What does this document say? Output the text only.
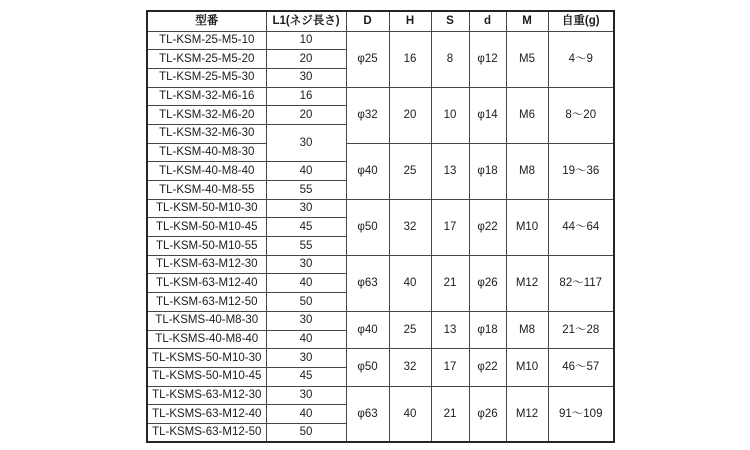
型番	L1(ネジ長さ)	D	H	S	d	M	自重(g)
TL-KSM-25-M5-10	10	φ25	16	8	φ12	M5	4～9
TL-KSM-25-M5-20	20						
TL-KSM-25-M5-30	30						
TL-KSM-32-M6-16	16	φ32	20	10	φ14	M6	8～20
TL-KSM-32-M6-20	20						
TL-KSM-32-M6-30	30						
TL-KSM-40-M8-30		φ40	25	13	φ18	M8	19～36
TL-KSM-40-M8-40	40						
TL-KSM-40-M8-55	55						
TL-KSM-50-M10-30	30	φ50	32	17	φ22	M10	44～64
TL-KSM-50-M10-45	45						
TL-KSM-50-M10-55	55						
TL-KSM-63-M12-30	30	φ63	40	21	φ26	M12	82～117
TL-KSM-63-M12-40	40						
TL-KSM-63-M12-50	50						
TL-KSMS-40-M8-30	30	φ40	25	13	φ18	M8	21～28
TL-KSMS-40-M8-40	40						
TL-KSMS-50-M10-30	30	φ50	32	17	φ22	M10	46～57
TL-KSMS-50-M10-45	45						
TL-KSMS-63-M12-30	30	φ63	40	21	φ26	M12	91～109
TL-KSMS-63-M12-40	40						
TL-KSMS-63-M12-50	50						
